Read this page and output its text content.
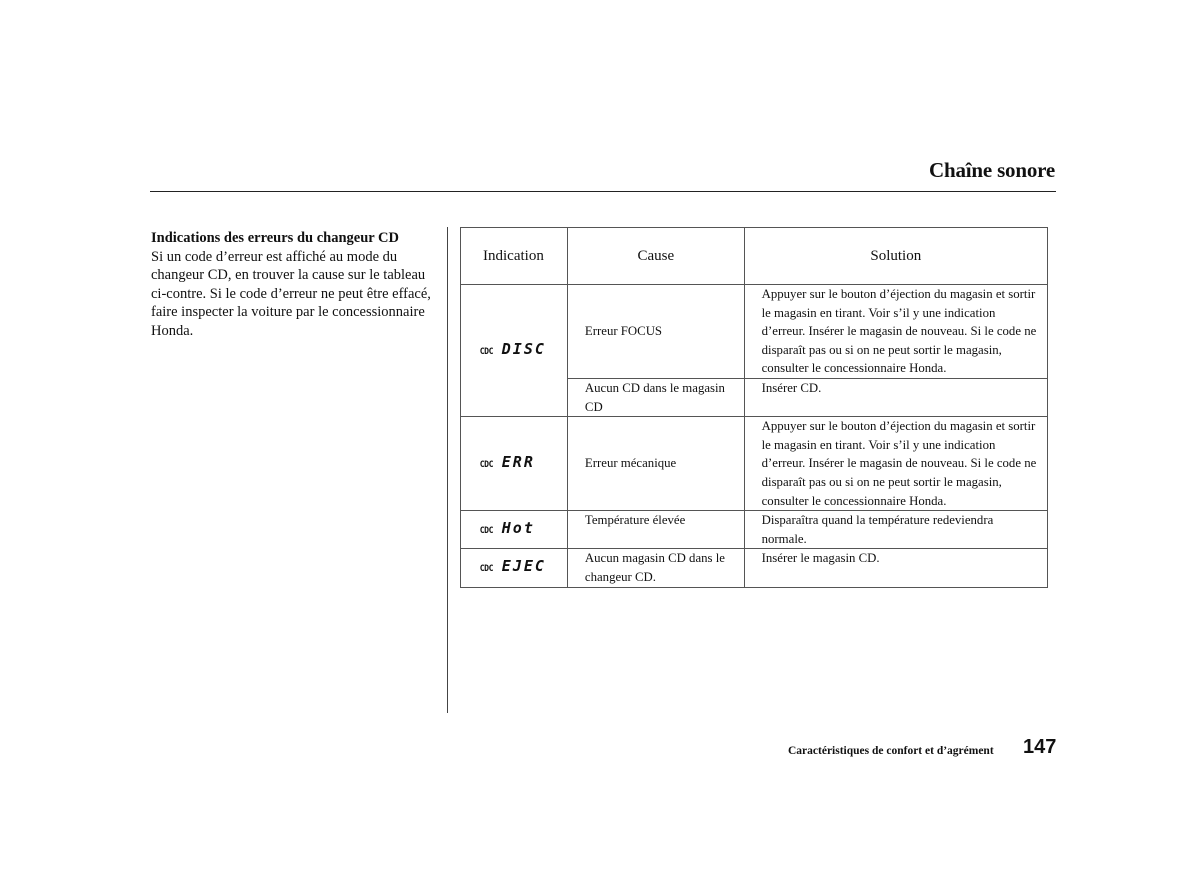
Chaîne sonore
Indications des erreurs du changeur CD
Si un code d’erreur est affiché au mode du changeur CD, en trouver la cause sur le tableau ci-contre. Si le code d’erreur ne peut être effacé, faire inspecter la voiture par le concessionnaire Honda.
Indication	Cause	Solution

CDC DISC	Erreur FOCUS	Appuyer sur le bouton d’éjection du magasin et sortir le magasin en tirant. Voir s’il y une indication d’erreur. Insérer le magasin de nouveau. Si le code ne disparaît pas ou si on ne peut sortir le magasin, consulter le concessionnaire Honda.
	Aucun CD dans le magasin CD	Insérer CD.

CDC ERR	Erreur mécanique	Appuyer sur le bouton d’éjection du magasin et sortir le magasin en tirant. Voir s’il y une indication d’erreur. Insérer le magasin de nouveau. Si le code ne disparaît pas ou si on ne peut sortir le magasin, consulter le concessionnaire Honda.

CDC Hot	Température élevée	Disparaîtra quand la température redeviendra normale.

CDC EJEC	Aucun magasin CD dans le changeur CD.	Insérer le magasin CD.
Caractéristiques de confort et d’agrément 147
